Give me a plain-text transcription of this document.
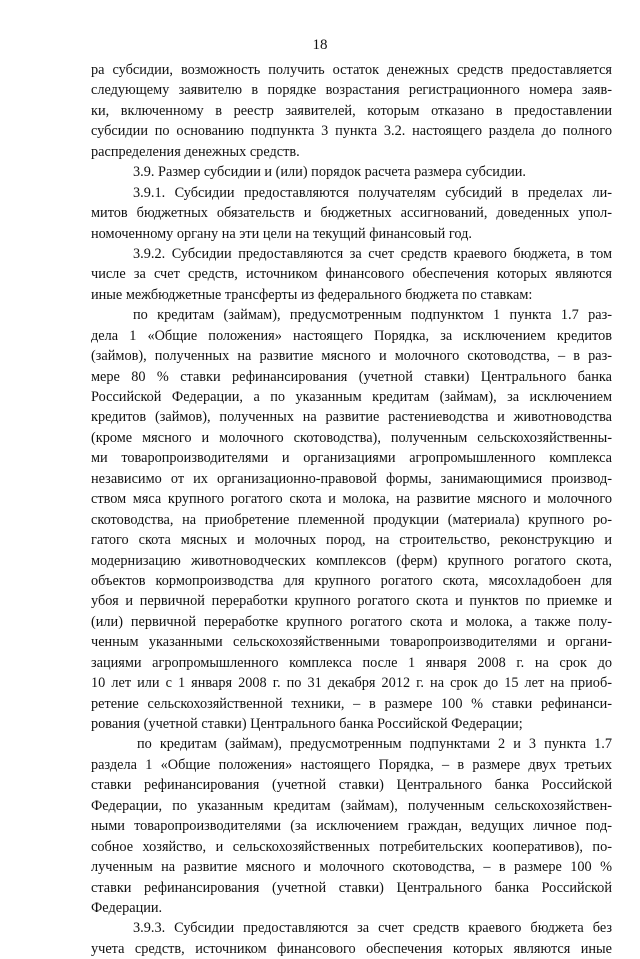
18
ра субсидии, возможность получить остаток денежных средств предоставляется
следующему заявителю в порядке возрастания регистрационного номера заяв-
ки, включенному в реестр заявителей, которым отказано в предоставлении
субсидии по основанию подпункта 3 пункта 3.2. настоящего раздела до полного
распределения денежных средств.
3.9. Размер субсидии и (или) порядок расчета размера субсидии.
3.9.1. Субсидии предоставляются получателям субсидий в пределах ли-
митов бюджетных обязательств и бюджетных ассигнований, доведенных упол-
номоченному органу на эти цели на текущий финансовый год.
3.9.2. Субсидии предоставляются за счет средств краевого бюджета, в том
числе за счет средств, источником финансового обеспечения которых являются
иные межбюджетные трансферты из федерального бюджета по ставкам:
по кредитам (займам), предусмотренным подпунктом 1 пункта 1.7 раз-
дела 1 «Общие положения» настоящего Порядка, за исключением кредитов
(займов), полученных на развитие мясного и молочного скотоводства, – в раз-
мере 80 % ставки рефинансирования (учетной ставки) Центрального банка
Российской Федерации, а по указанным кредитам (займам), за исключением
кредитов (займов), полученных на развитие растениеводства и животноводства
(кроме мясного и молочного скотоводства), полученным сельскохозяйственны-
ми товаропроизводителями и организациями агропромышленного комплекса
независимо от их организационно-правовой формы, занимающимися производ-
ством мяса крупного рогатого скота и молока, на развитие мясного и молочного
скотоводства, на приобретение племенной продукции (материала) крупного ро-
гатого скота мясных и молочных пород, на строительство, реконструкцию и
модернизацию животноводческих комплексов (ферм) крупного рогатого скота,
объектов кормопроизводства для крупного рогатого скота, мясохладобоен для
убоя и первичной переработки крупного рогатого скота и пунктов по приемке и
(или) первичной переработке крупного рогатого скота и молока, а также полу-
ченным указанными сельскохозяйственными товаропроизводителями и органи-
зациями агропромышленного комплекса после 1 января 2008 г. на срок до
10 лет или с 1 января 2008 г. по 31 декабря 2012 г. на срок до 15 лет на приоб-
ретение сельскохозяйственной техники, – в размере 100 % ставки рефинанси-
рования (учетной ставки) Центрального банка Российской Федерации;
по кредитам (займам), предусмотренным подпунктами 2 и 3 пункта 1.7
раздела 1 «Общие положения» настоящего Порядка, – в размере двух третьих
ставки рефинансирования (учетной ставки) Центрального банка Российской
Федерации, по указанным кредитам (займам), полученным сельскохозяйствен-
ными товаропроизводителями (за исключением граждан, ведущих личное под-
собное хозяйство, и сельскохозяйственных потребительских кооперативов), по-
лученным на развитие мясного и молочного скотоводства, – в размере 100 %
ставки рефинансирования (учетной ставки) Центрального банка Российской
Федерации.
3.9.3. Субсидии предоставляются за счет средств краевого бюджета без
учета средств, источником финансового обеспечения которых являются иные
